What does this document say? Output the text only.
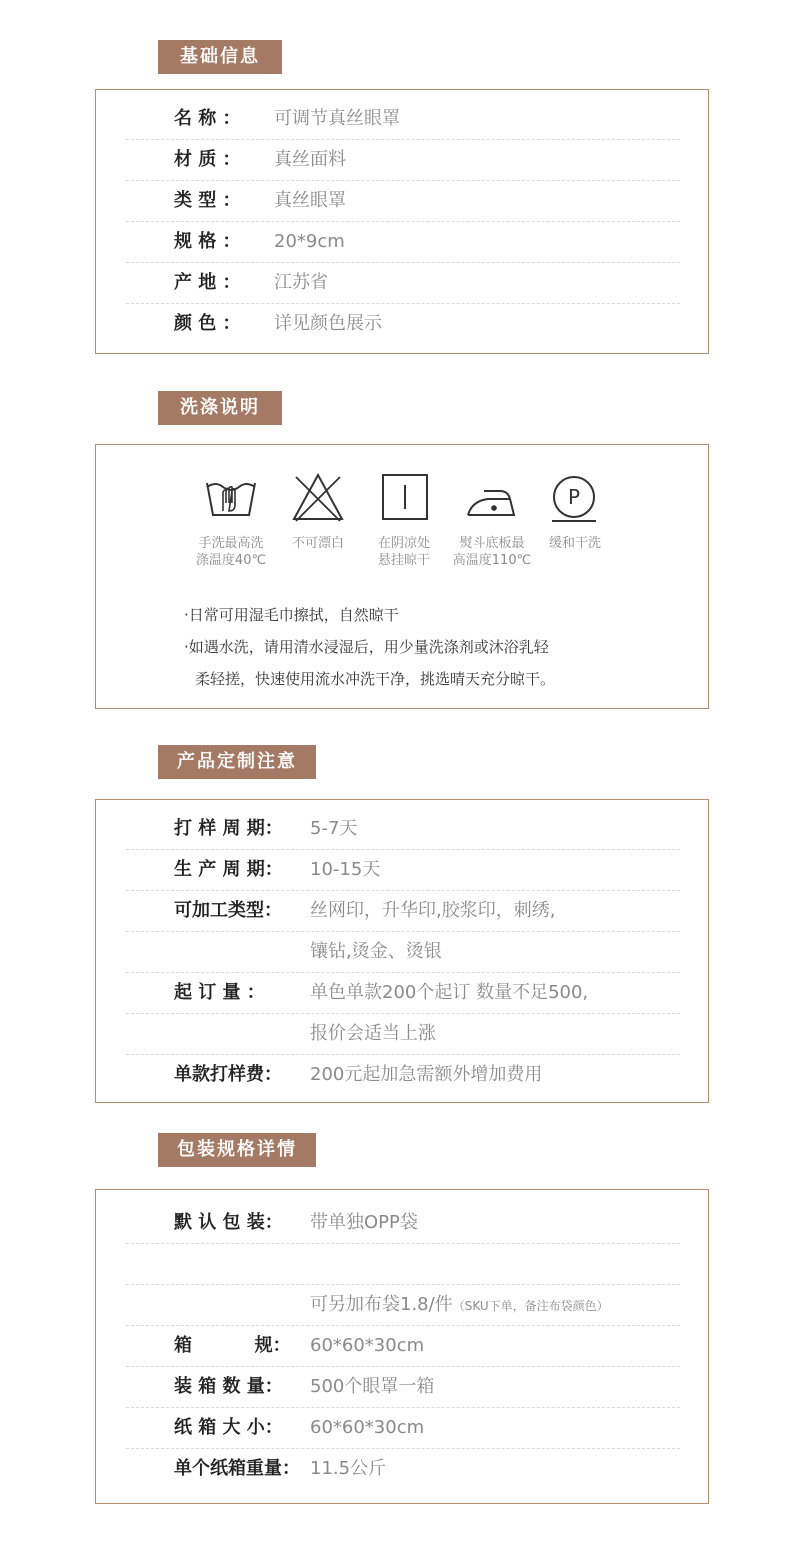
基础信息
名 称 ： 可调节真丝眼罩
材 质 ： 真丝面料
类 型 ： 真丝眼罩
规 格 ： 20*9cm
产 地 ： 江苏省
颜 色 ： 详见颜色展示
洗涤说明
手洗最高洗
涤温度40℃
不可漂白	在阴凉处
悬挂晾干
熨斗底板最
高温度110℃
P
缓和干洗
·日常可用湿毛巾擦拭，自然晾干
·如遇水洗，请用清水浸湿后，用少量洗涤剂或沐浴乳轻
柔轻搓，快速使用流水冲洗干净，挑选晴天充分晾干。
产品定制注意
打 样 周 期： 5-7天
生 产 周 期： 10-15天
可加工类型： 丝网印，升华印,胶浆印，刺绣,
镶钻,烫金、烫银
起 订 量 ：	单色单款200个起订 数量不足500,
报价会适当上涨
单款打样费： 200元起加急需额外增加费用
包装规格详情
默 认 包 装： 带单独OPP袋
可另加布袋1.8/件（SKU下单，备注布袋颜色）
箱          规： 60*60*30cm
装 箱 数 量： 500个眼罩一箱
纸 箱 大 小： 60*60*30cm
单个纸箱重量： 11.5公斤
